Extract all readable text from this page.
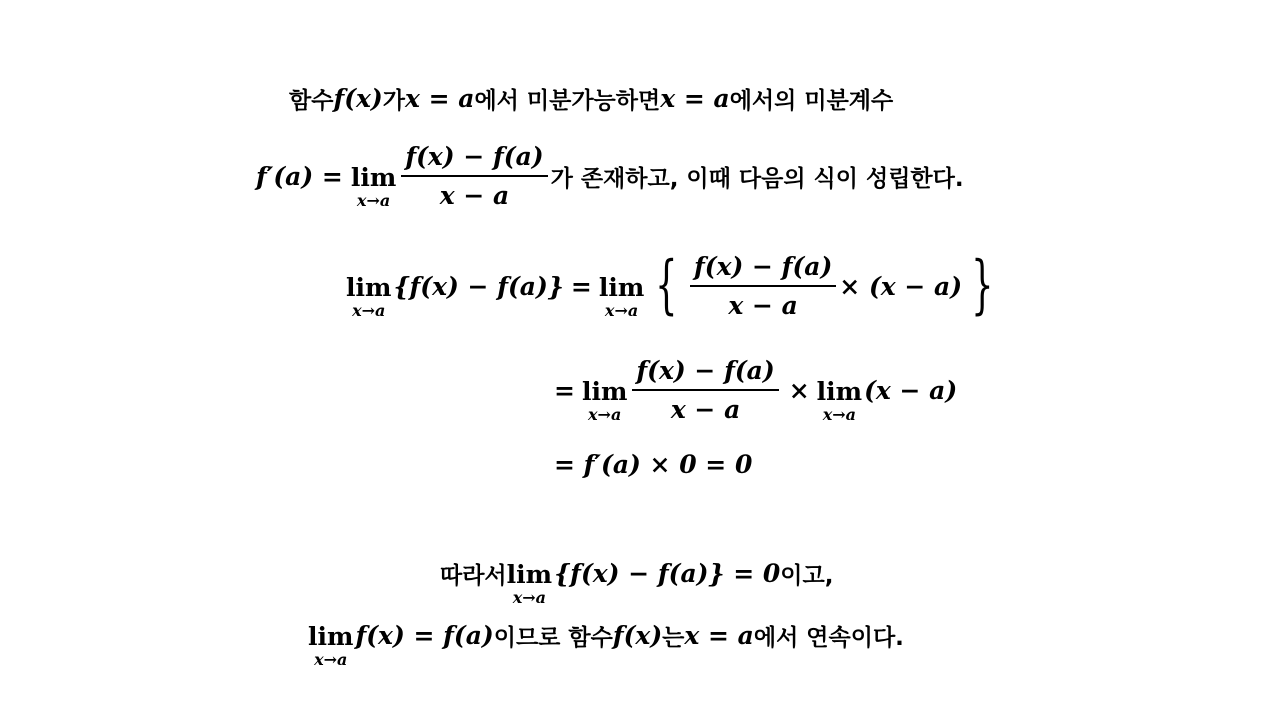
함수 f(x) 가 x = a 에서 미분가능하면 x = a 에서의 미분계수
f′(a) = lim
$x\to a \frac{f(x) - f(a)}{x - a}$ 가 존재하고, 이때 다음의 식이 성립한다.
lim
x→a
{f(x) − f(a)} = lim
x→a { $\frac{f(x) - f(a)}{x - a} \times (x - a)$ }
= lim
$x\to a \frac{f(x) - f(a)}{x - a} \times \lim$
x→a
(x − a)
= f′(a) × 0 = 0
따라서 lim
x→a
{f(x) − f(a)} = 0 이고,
lim
x→a
f(x) = f(a) 이므로 함수 f(x) 는 x = a 에서 연속이다.
